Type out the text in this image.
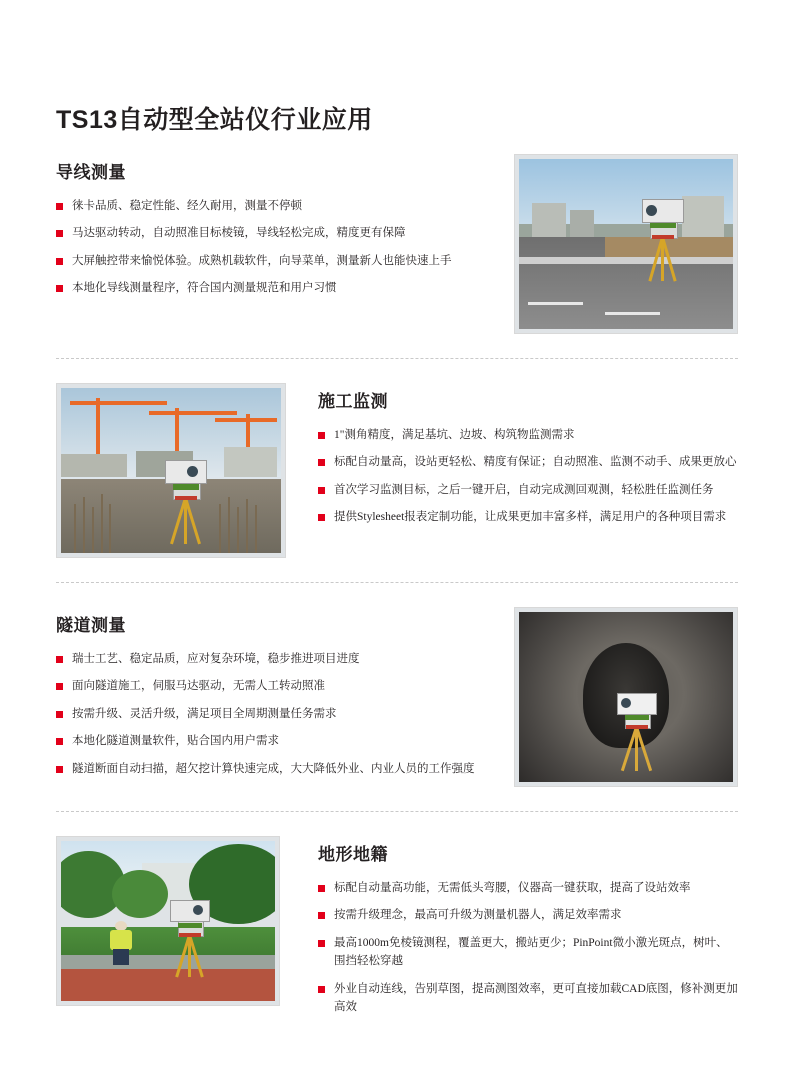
TS13自动型全站仪行业应用
导线测量
徕卡品质、稳定性能、经久耐用，测量不停顿
马达驱动转动，自动照准目标棱镜，导线轻松完成，精度更有保障
大屏触控带来愉悦体验。成熟机载软件，向导菜单，测量新人也能快速上手
本地化导线测量程序，符合国内测量规范和用户习惯
施工监测
1"测角精度，满足基坑、边坡、构筑物监测需求
标配自动量高，设站更轻松、精度有保证；自动照准、监测不动手、成果更放心
首次学习监测目标，之后一键开启，自动完成测回观测，轻松胜任监测任务
提供Stylesheet报表定制功能，让成果更加丰富多样，满足用户的各种项目需求
隧道测量
瑞士工艺、稳定品质，应对复杂环境，稳步推进项目进度
面向隧道施工，伺服马达驱动，无需人工转动照准
按需升级、灵活升级，满足项目全周期测量任务需求
本地化隧道测量软件，贴合国内用户需求
隧道断面自动扫描，超欠挖计算快速完成，大大降低外业、内业人员的工作强度
地形地籍
标配自动量高功能，无需低头弯腰，仪器高一键获取，提高了设站效率
按需升级理念，最高可升级为测量机器人，满足效率需求
最高1000m免棱镜测程，覆盖更大，搬站更少；PinPoint微小激光斑点，树叶、围挡轻松穿越
外业自动连线，告别草图，提高测图效率，更可直接加载CAD底图，修补测更加高效
